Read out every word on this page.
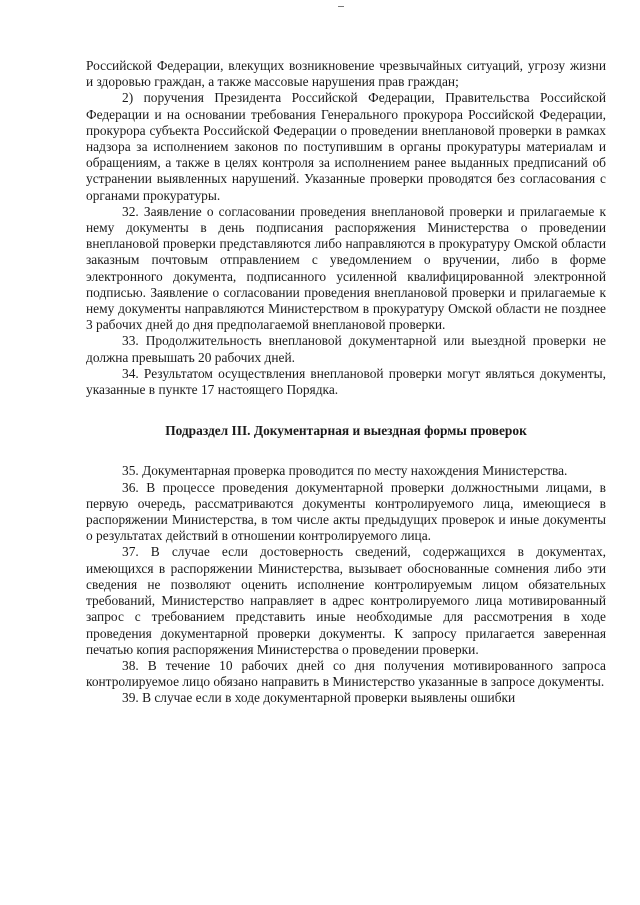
Российской Федерации, влекущих возникновение чрезвычайных ситуаций, угрозу жизни и здоровью граждан, а также массовые нарушения прав граждан;

2) поручения Президента Российской Федерации, Правительства Российской Федерации и на основании требования Генерального прокурора Российской Федерации, прокурора субъекта Российской Федерации о проведении внеплановой проверки в рамках надзора за исполнением законов по поступившим в органы прокуратуры материалам и обращениям, а также в целях контроля за исполнением ранее выданных предписаний об устранении выявленных нарушений. Указанные проверки проводятся без согласования с органами прокуратуры.

32. Заявление о согласовании проведения внеплановой проверки и прилагаемые к нему документы в день подписания распоряжения Министерства о проведении внеплановой проверки представляются либо направляются в прокуратуру Омской области заказным почтовым отправлением с уведомлением о вручении, либо в форме электронного документа, подписанного усиленной квалифицированной электронной подписью. Заявление о согласовании проведения внеплановой проверки и прилагаемые к нему документы направляются Министерством в прокуратуру Омской области не позднее 3 рабочих дней до дня предполагаемой внеплановой проверки.

33. Продолжительность внеплановой документарной или выездной проверки не должна превышать 20 рабочих дней.

34. Результатом осуществления внеплановой проверки могут являться документы, указанные в пункте 17 настоящего Порядка.

Подраздел III. Документарная и выездная формы проверок

35. Документарная проверка проводится по месту нахождения Министерства.

36. В процессе проведения документарной проверки должностными лицами, в первую очередь, рассматриваются документы контролируемого лица, имеющиеся в распоряжении Министерства, в том числе акты предыдущих проверок и иные документы о результатах действий в отношении контролируемого лица.

37. В случае если достоверность сведений, содержащихся в документах, имеющихся в распоряжении Министерства, вызывает обоснованные сомнения либо эти сведения не позволяют оценить исполнение контролируемым лицом обязательных требований, Министерство направляет в адрес контролируемого лица мотивированный запрос с требованием представить иные необходимые для рассмотрения в ходе проведения документарной проверки документы. К запросу прилагается заверенная печатью копия распоряжения Министерства о проведении проверки.

38. В течение 10 рабочих дней со дня получения мотивированного запроса контролируемое лицо обязано направить в Министерство указанные в запросе документы.

39. В случае если в ходе документарной проверки выявлены ошибки
